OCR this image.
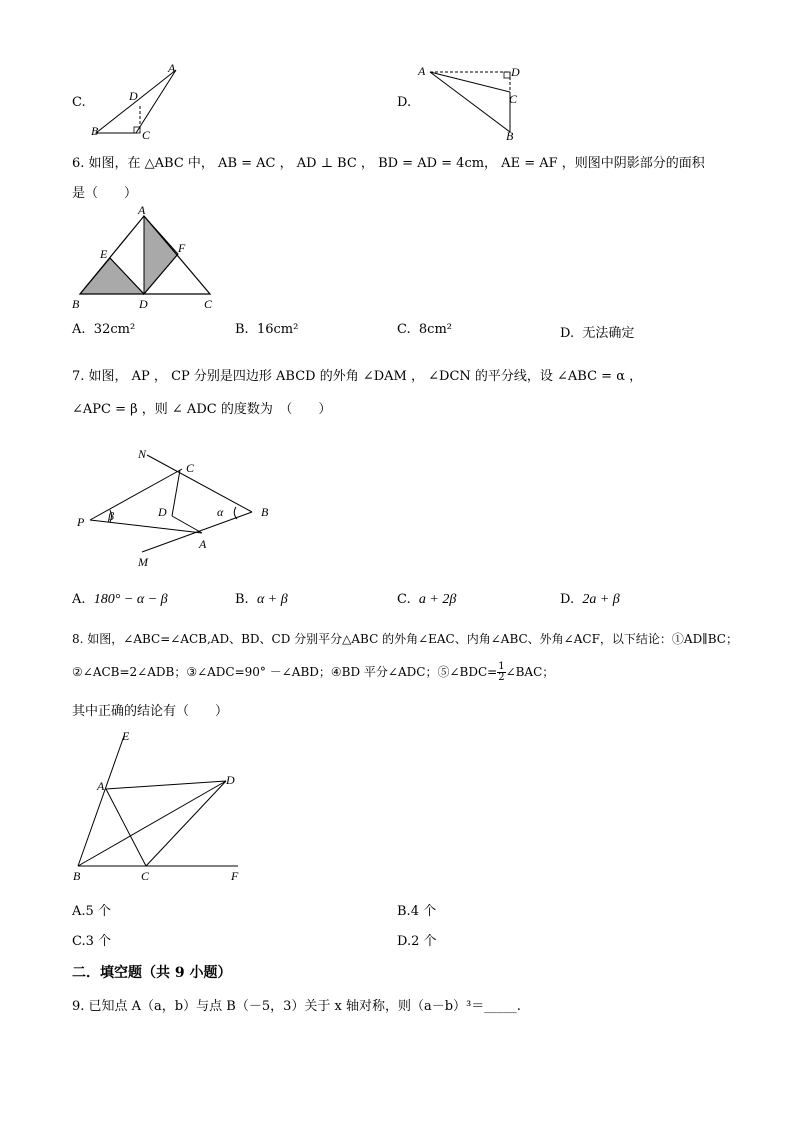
C.
A
D
B	C
D.
A	D
C
B
6. 如图，在 △ABC 中， AB = AC ， AD ⊥ BC ， BD = AD = 4cm， AE = AF ，则图中阴影部分的面积
是（　　）
A
E	F
B	D	C
A. 32cm²	B. 16cm²	C. 8cm²	D. 无法确定
7. 如图， AP ， CP 分别是四边形 ABCD 的外角 ∠DAM ， ∠DCN 的平分线，设 ∠ABC = α ，
∠APC = β ，则 ∠ ADC 的度数为　（　　）
N
C
D
P β	α	B
A
M
A. 180° − α − β	B. α + β	C. a + 2β	D. 2a + β
8. 如图，∠ABC=∠ACB,AD、BD、CD 分别平分△ABC 的外角∠EAC、内角∠ABC、外角∠ACF，以下结论：①AD∥BC；
②∠ACB=2∠ADB；③∠ADC=90° －∠ABD；④BD 平分∠ADC；⑤∠BDC= $\frac{1}{2}$ ∠BAC；
其中正确的结论有（　　）
E
A	D
B	C	F
A.5 个	B.4 个
C.3 个	D.2 个
二．填空题（共 9 小题）
9. 已知点 A（a，b）与点 B（－5，3）关于 x 轴对称，则（a－b）³＝_____.
